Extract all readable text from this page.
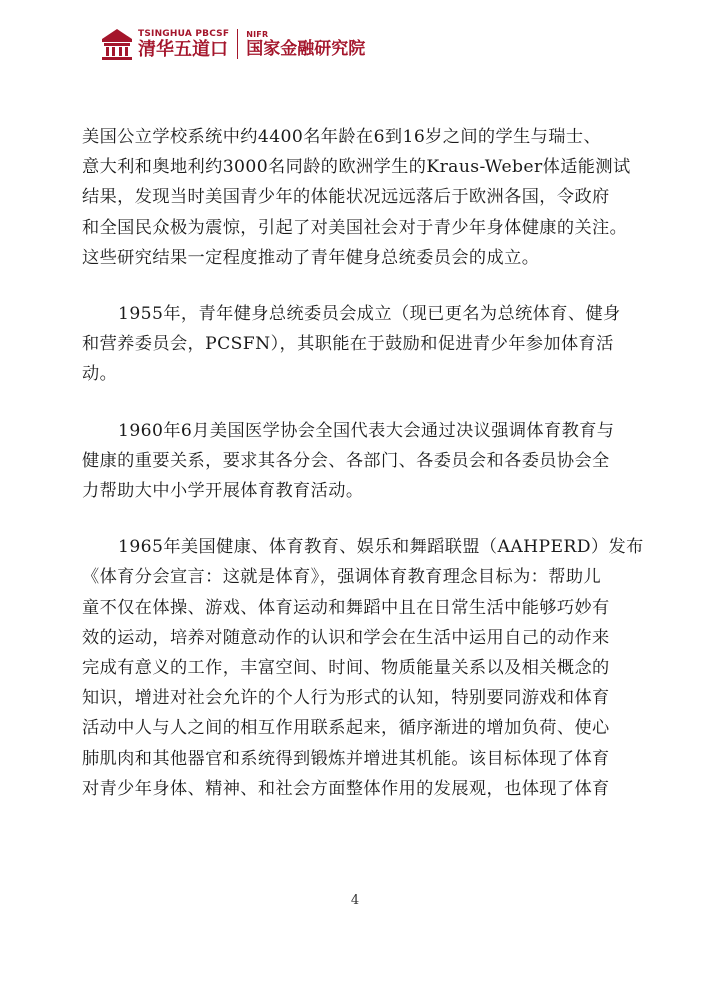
TSINGHUA PBCSF
清华五道口
NIFR
国家金融研究院

美国公立学校系统中约4400名年龄在6到16岁之间的学生与瑞士、
意大利和奥地利约3000名同龄的欧洲学生的Kraus-Weber体适能测试
结果，发现当时美国青少年的体能状况远远落后于欧洲各国，令政府
和全国民众极为震惊，引起了对美国社会对于青少年身体健康的关注。
这些研究结果一定程度推动了青年健身总统委员会的成立。

1955年，青年健身总统委员会成立（现已更名为总统体育、健身
和营养委员会，PCSFN），其职能在于鼓励和促进青少年参加体育活
动。

1960年6月美国医学协会全国代表大会通过决议强调体育教育与
健康的重要关系，要求其各分会、各部门、各委员会和各委员协会全
力帮助大中小学开展体育教育活动。

1965年美国健康、体育教育、娱乐和舞蹈联盟（AAHPERD）发布
《体育分会宣言：这就是体育》，强调体育教育理念目标为：帮助儿
童不仅在体操、游戏、体育运动和舞蹈中且在日常生活中能够巧妙有
效的运动，培养对随意动作的认识和学会在生活中运用自己的动作来
完成有意义的工作，丰富空间、时间、物质能量关系以及相关概念的
知识，增进对社会允许的个人行为形式的认知，特别要同游戏和体育
活动中人与人之间的相互作用联系起来，循序渐进的增加负荷、使心
肺肌肉和其他器官和系统得到锻炼并增进其机能。该目标体现了体育
对青少年身体、精神、和社会方面整体作用的发展观，也体现了体育

4
